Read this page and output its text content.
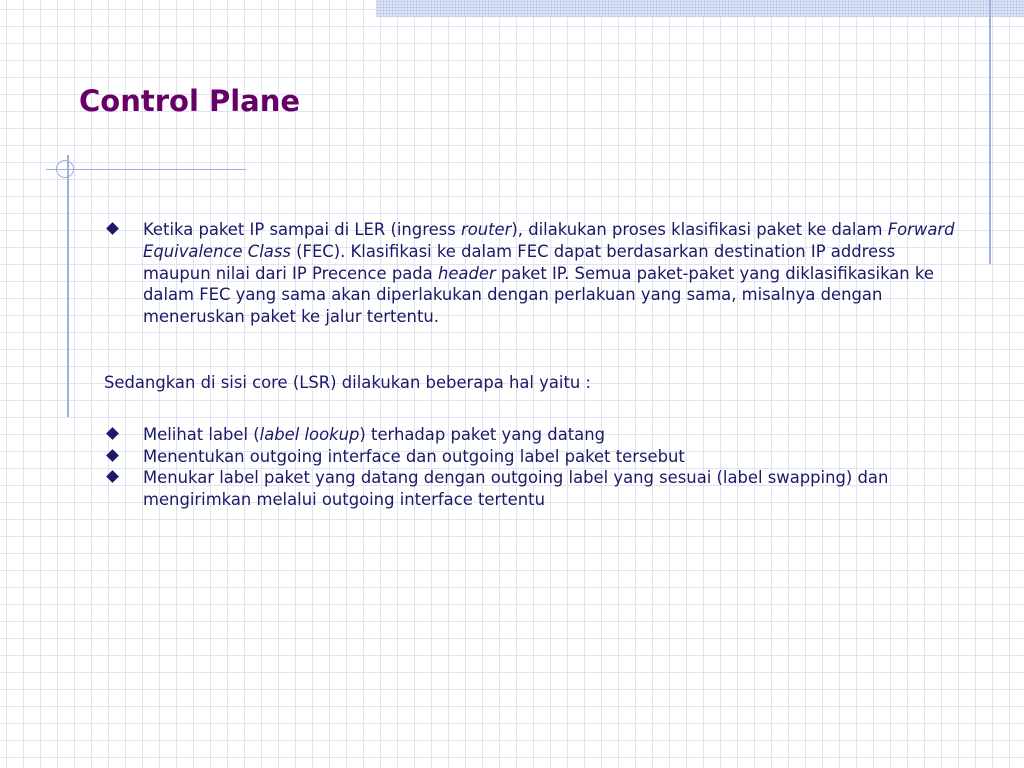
Control Plane
Ketika paket IP sampai di LER (ingress router), dilakukan proses klasifikasi paket ke dalam Forward Equivalence Class (FEC). Klasifikasi ke dalam FEC dapat berdasarkan destination IP address maupun nilai dari IP Precence pada header paket IP. Semua paket-paket yang diklasifikasikan ke dalam FEC yang sama akan diperlakukan dengan perlakuan yang sama, misalnya dengan meneruskan paket ke jalur tertentu.
Sedangkan di sisi core (LSR) dilakukan beberapa hal yaitu :
Melihat label (label lookup) terhadap paket yang datang
Menentukan outgoing interface dan outgoing label paket tersebut
Menukar label paket yang datang dengan outgoing label yang sesuai (label swapping) dan mengirimkan melalui outgoing interface tertentu
